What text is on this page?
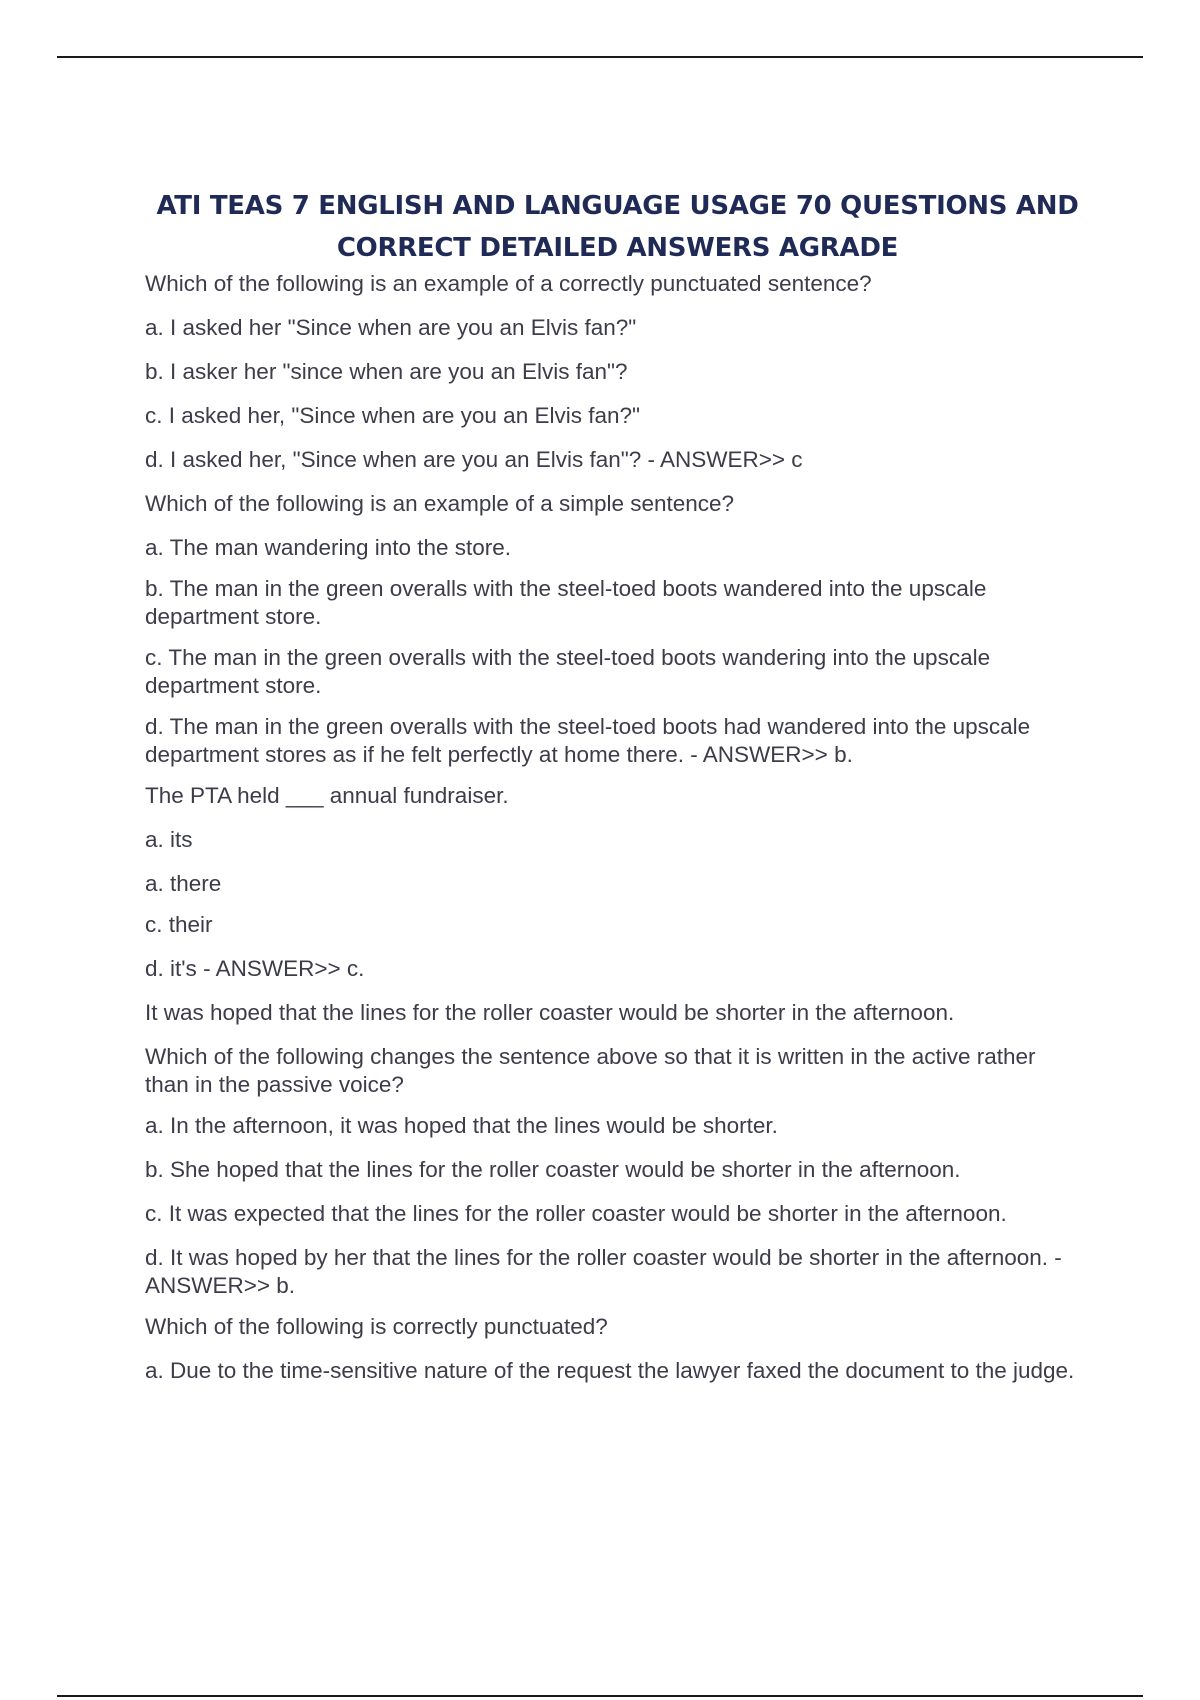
ATI TEAS 7 ENGLISH AND LANGUAGE USAGE 70 QUESTIONS AND CORRECT DETAILED ANSWERS AGRADE
Which of the following is an example of a correctly punctuated sentence?
a. I asked her "Since when are you an Elvis fan?"
b. I asker her "since when are you an Elvis fan"?
c. I asked her, "Since when are you an Elvis fan?"
d. I asked her, "Since when are you an Elvis fan"? - ANSWER>> c
Which of the following is an example of a simple sentence?
a. The man wandering into the store.
b. The man in the green overalls with the steel-toed boots wandered into the upscale department store.
c. The man in the green overalls with the steel-toed boots wandering into the upscale department store.
d. The man in the green overalls with the steel-toed boots had wandered into the upscale department stores as if he felt perfectly at home there. - ANSWER>> b.
The PTA held ___ annual fundraiser.
a. its
a. there
c. their
d. it's - ANSWER>> c.
It was hoped that the lines for the roller coaster would be shorter in the afternoon.
Which of the following changes the sentence above so that it is written in the active rather than in the passive voice?
a. In the afternoon, it was hoped that the lines would be shorter.
b. She hoped that the lines for the roller coaster would be shorter in the afternoon.
c. It was expected that the lines for the roller coaster would be shorter in the afternoon.
d. It was hoped by her that the lines for the roller coaster would be shorter in the afternoon. - ANSWER>> b.
Which of the following is correctly punctuated?
a. Due to the time-sensitive nature of the request the lawyer faxed the document to the judge.
